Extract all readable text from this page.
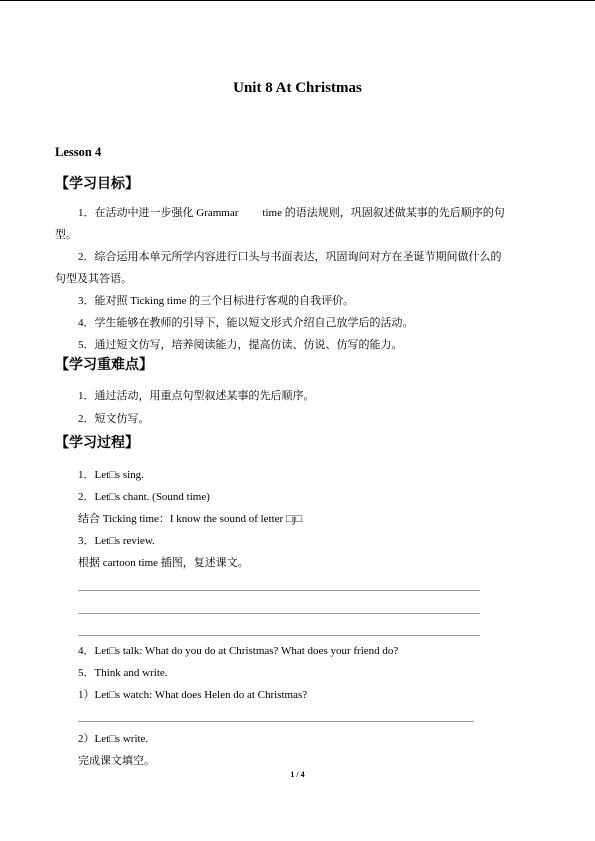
Unit 8 At Christmas
Lesson 4
【学习目标】
1．在活动中进一步强化 Grammar time 的语法规则，巩固叙述做某事的先后顺序的句
型。
2．综合运用本单元所学内容进行口头与书面表达，巩固询问对方在圣诞节期间做什么的
句型及其答语。
3．能对照 Ticking time 的三个目标进行客观的自我评价。
4．学生能够在教师的引导下，能以短文形式介绍自己放学后的活动。
5．通过短文仿写，培养阅读能力，提高仿读、仿说、仿写的能力。
【学习重难点】
1．通过活动，用重点句型叙述某事的先后顺序。
2．短文仿写。
【学习过程】
1．Let□s sing.
2．Let□s chant. (Sound time)
结合 Ticking time：I know the sound of letter □j□
3．Let□s review.
根据 cartoon time 插图，复述课文。
4．Let□s talk: What do you do at Christmas? What does your friend do?
5．Think and write.
1）Let□s watch: What does Helen do at Christmas?
2）Let□s write.
完成课文填空。
1 / 4
